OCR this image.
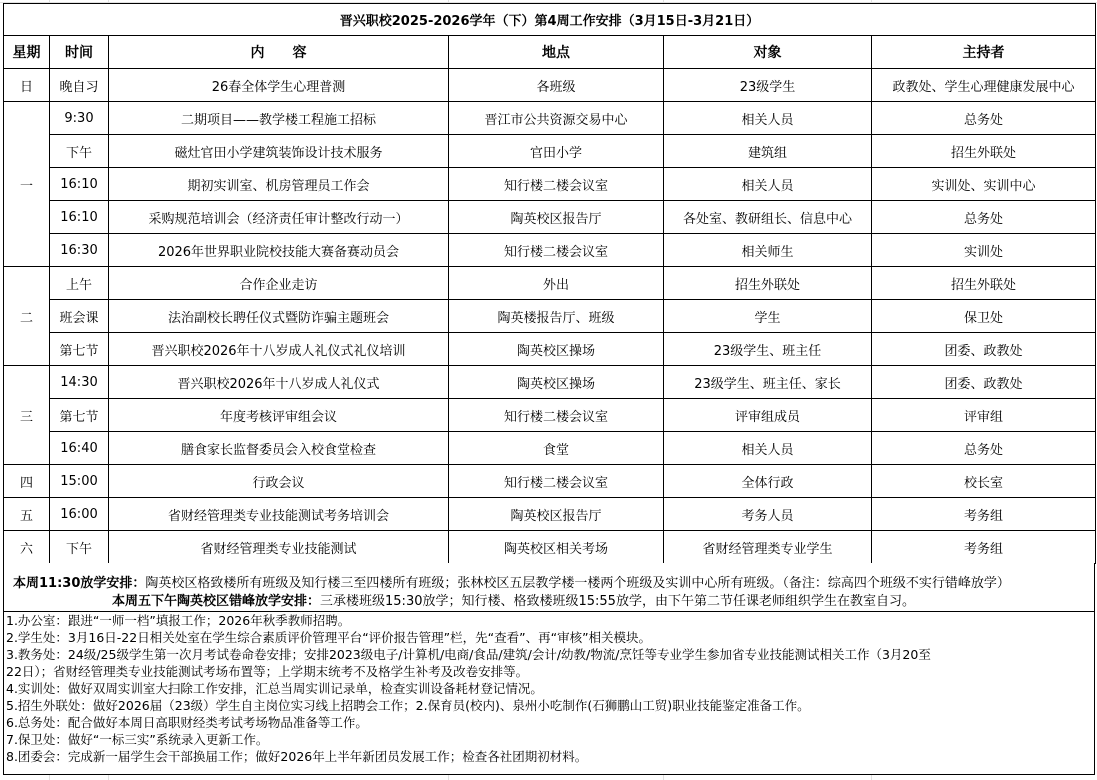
晋兴职校2025-2026学年（下）第4周工作安排（3月15日-3月21日）					
星期	时间	内　　容	地点	对象	主持者
日	晚自习	26春全体学生心理普测	各班级	23级学生	政教处、学生心理健康发展中心
一	9:30	二期项目——教学楼工程施工招标	晋江市公共资源交易中心	相关人员	总务处
	下午	磁灶官田小学建筑装饰设计技术服务	官田小学	建筑组	招生外联处
	16:10	期初实训室、机房管理员工作会	知行楼二楼会议室	相关人员	实训处、实训中心
	16:10	采购规范培训会（经济责任审计整改行动一）	陶英校区报告厅	各处室、教研组长、信息中心	总务处
	16:30	2026年世界职业院校技能大赛备赛动员会	知行楼二楼会议室	相关师生	实训处
二	上午	合作企业走访	外出	招生外联处	招生外联处
	班会课	法治副校长聘任仪式暨防诈骗主题班会	陶英楼报告厅、班级	学生	保卫处
	第七节	晋兴职校2026年十八岁成人礼仪式礼仪培训	陶英校区操场	23级学生、班主任	团委、政教处
三	14:30	晋兴职校2026年十八岁成人礼仪式	陶英校区操场	23级学生、班主任、家长	团委、政教处
	第七节	年度考核评审组会议	知行楼二楼会议室	评审组成员	评审组
	16:40	膳食家长监督委员会入校食堂检查	食堂	相关人员	总务处
四	15:00	行政会议	知行楼二楼会议室	全体行政	校长室
五	16:00	省财经管理类专业技能测试考务培训会	陶英校区报告厅	考务人员	考务组
六	下午	省财经管理类专业技能测试	陶英校区相关考场	省财经管理类专业学生	考务组
本周11:30放学安排：陶英校区格致楼所有班级及知行楼三至四楼所有班级；张林校区五层教学楼一楼两个班级及实训中心所有班级。（备注：综高四个班级不实行错峰放学）
本周五下午陶英校区错峰放学安排：三承楼班级15:30放学；知行楼、格致楼班级15:55放学，由下午第二节任课老师组织学生在教室自习。
1.办公室：跟进“一师一档”填报工作；2026年秋季教师招聘。
2.学生处：3月16日-22日相关处室在学生综合素质评价管理平台“评价报告管理”栏，先“查看”、再“审核”相关模块。
3.教务处：24级/25级学生第一次月考试卷命卷安排；安排2023级电子/计算机/电商/食品/建筑/会计/幼教/物流/烹饪等专业学生参加省专业技能测试相关工作（3月20至
22日）；省财经管理类专业技能测试考场布置等；上学期末统考不及格学生补考及改卷安排等。
4.实训处：做好双周实训室大扫除工作安排，汇总当周实训记录单，检查实训设备耗材登记情况。
5.招生外联处：做好2026届（23级）学生自主岗位实习线上招聘会工作；2.保育员(校内)、泉州小吃制作(石狮鹏山工贸)职业技能鉴定准备工作。
6.总务处：配合做好本周日高职财经类考试考场物品准备等工作。
7.保卫处：做好“一标三实”系统录入更新工作。
8.团委会：完成新一届学生会干部换届工作；做好2026年上半年新团员发展工作；检查各社团期初材料。
